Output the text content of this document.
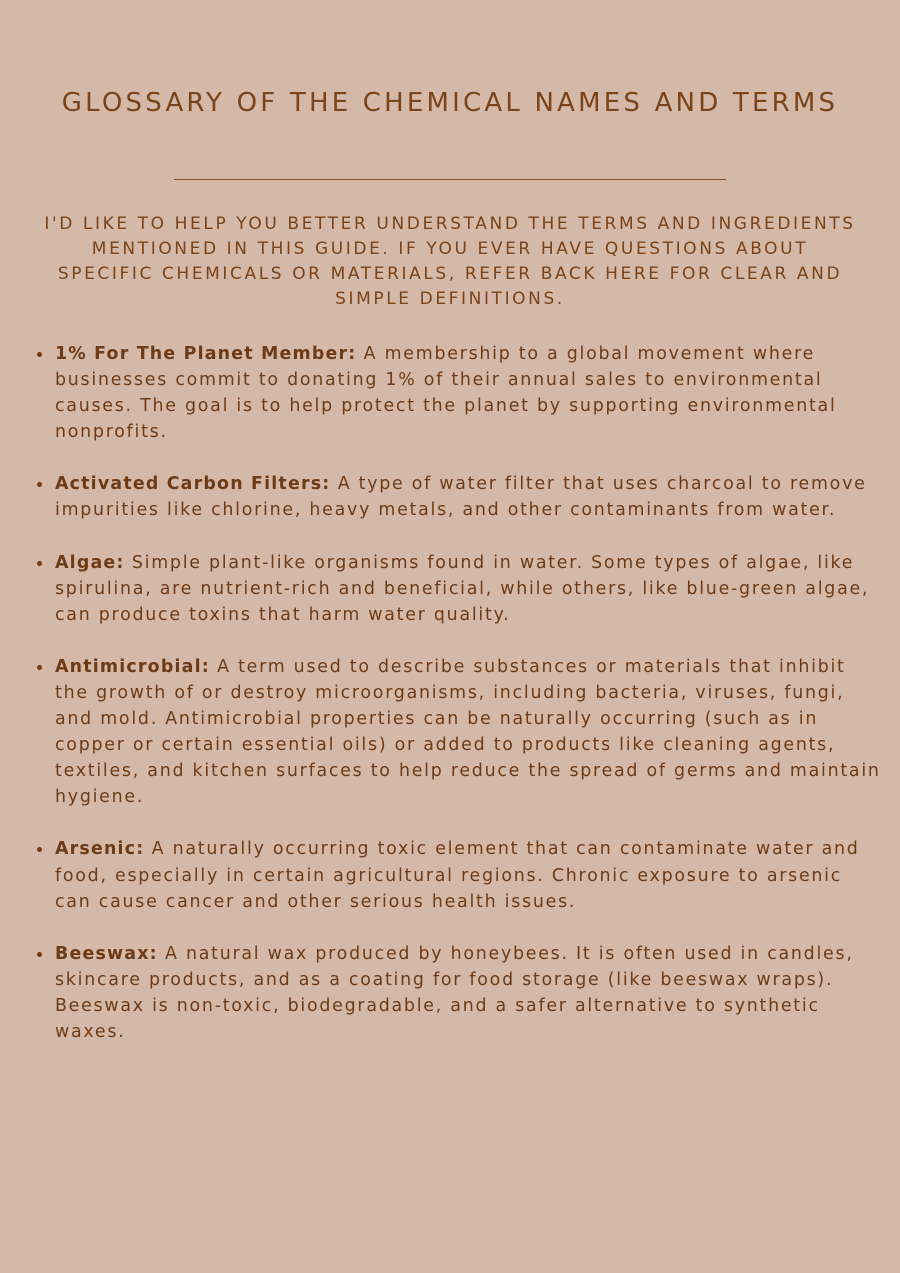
GLOSSARY OF THE CHEMICAL NAMES AND TERMS

I'D LIKE TO HELP YOU BETTER UNDERSTAND THE TERMS AND INGREDIENTS MENTIONED IN THIS GUIDE. IF YOU EVER HAVE QUESTIONS ABOUT SPECIFIC CHEMICALS OR MATERIALS, REFER BACK HERE FOR CLEAR AND SIMPLE DEFINITIONS.

1% For The Planet Member: A membership to a global movement where businesses commit to donating 1% of their annual sales to environmental causes. The goal is to help protect the planet by supporting environmental nonprofits.
Activated Carbon Filters: A type of water filter that uses charcoal to remove impurities like chlorine, heavy metals, and other contaminants from water.
Algae: Simple plant-like organisms found in water. Some types of algae, like spirulina, are nutrient-rich and beneficial, while others, like blue-green algae, can produce toxins that harm water quality.
Antimicrobial: A term used to describe substances or materials that inhibit the growth of or destroy microorganisms, including bacteria, viruses, fungi, and mold. Antimicrobial properties can be naturally occurring (such as in copper or certain essential oils) or added to products like cleaning agents, textiles, and kitchen surfaces to help reduce the spread of germs and maintain hygiene.
Arsenic: A naturally occurring toxic element that can contaminate water and food, especially in certain agricultural regions. Chronic exposure to arsenic can cause cancer and other serious health issues.
Beeswax: A natural wax produced by honeybees. It is often used in candles, skincare products, and as a coating for food storage (like beeswax wraps). Beeswax is non-toxic, biodegradable, and a safer alternative to synthetic waxes.
